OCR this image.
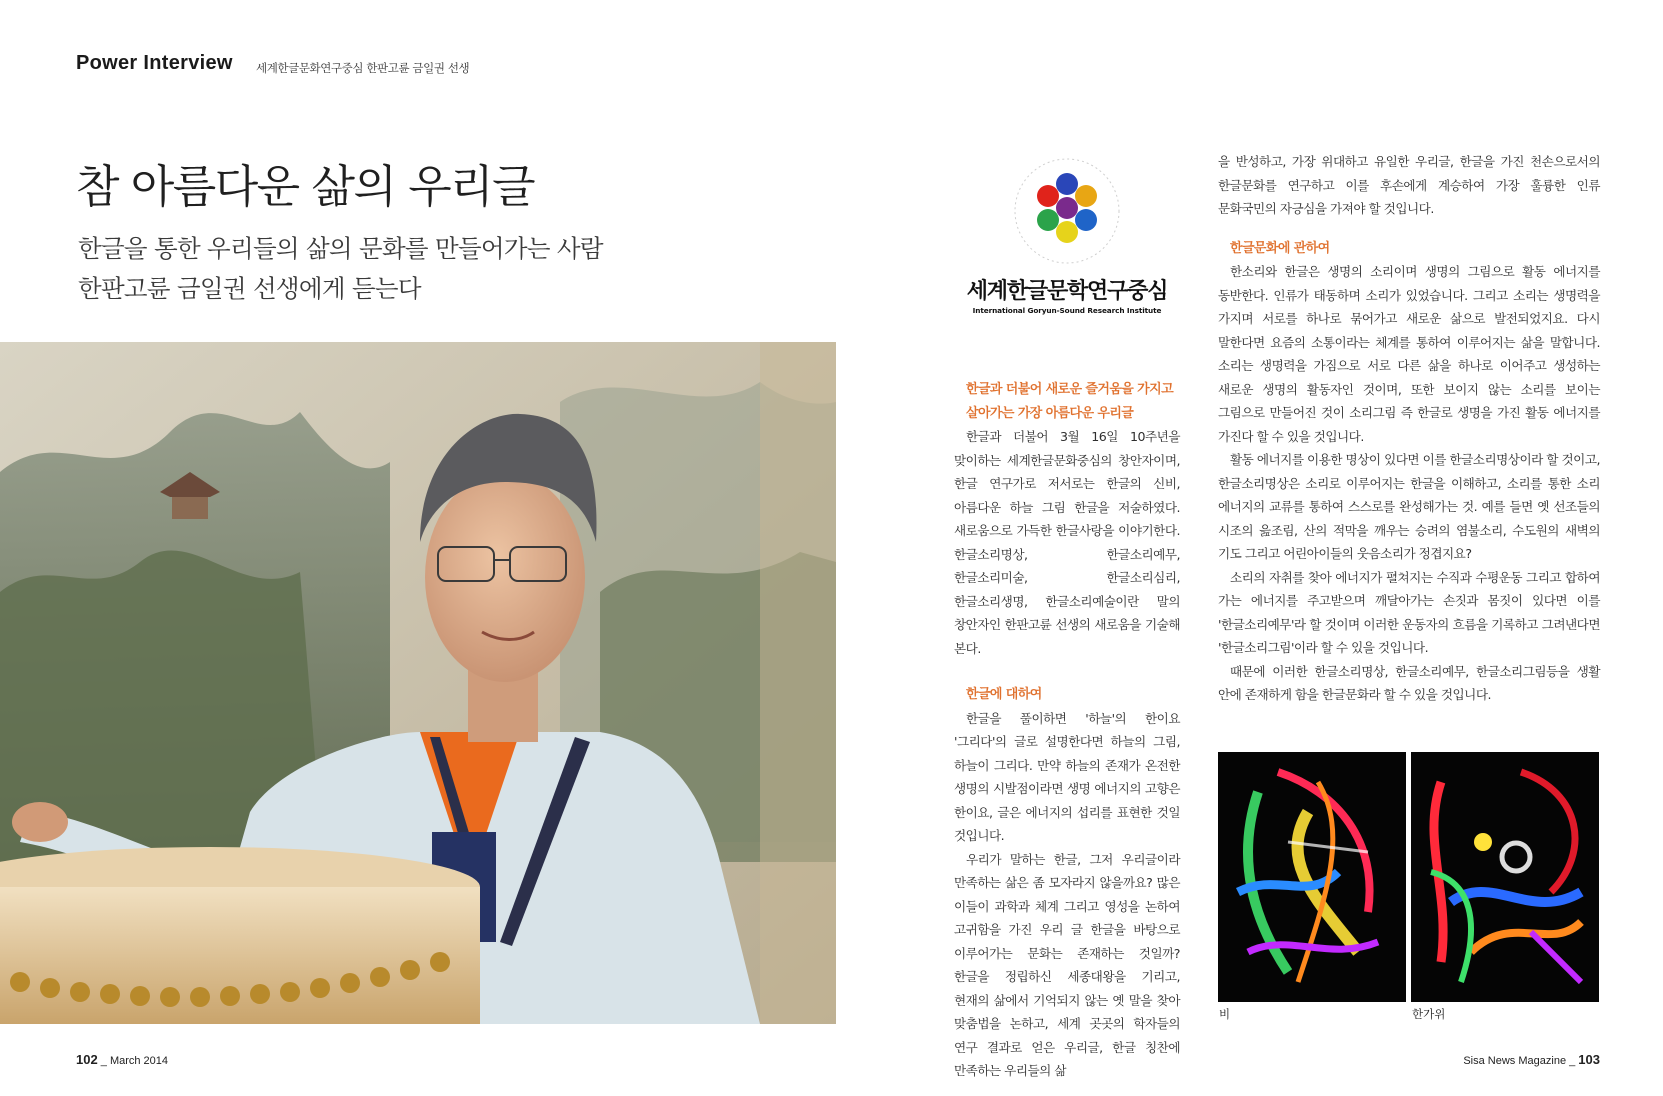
Power Interview 세계한글문화연구중심 한판고륜 금일권 선생
참 아름다운 삶의 우리글
한글을 통한 우리들의 삶의 문화를 만들어가는 사람
한판고륜 금일권 선생에게 듣는다	세계한글문학연구중심
International Goryun-Sound Research Institute

한글과 더불어 새로운 즐거움을 가지고

살아가는 가장 아름다운 우리글

한글과 더불어 3월 16일 10주년을 맞이하는 세계한글문화중심의 창안자이며, 한글 연구가로 저서로는 한글의 신비, 아름다운 하늘 그림 한글을 저술하였다. 새로움으로 가득한 한글사랑을 이야기한다. 한글소리명상, 한글소리예무, 한글소리미술, 한글소리심리, 한글소리생명, 한글소리예술이란 말의 창안자인 한판고륜 선생의 새로움을 기술해 본다.

한글에 대하여

한글을 풀이하면 '하늘'의 한이요 '그리다'의 글로 설명한다면 하늘의 그림, 하늘이 그리다. 만약 하늘의 존재가 온전한 생명의 시발점이라면 생명 에너지의 고향은 한이요, 글은 에너지의 섭리를 표현한 것일 것입니다.

우리가 말하는 한글, 그저 우리글이라 만족하는 삶은 좀 모자라지 않을까요? 많은 이들이 과학과 체계 그리고 영성을 논하여 고귀함을 가진 우리 글 한글을 바탕으로 이루어가는 문화는 존재하는 것일까? 한글을 정립하신 세종대왕을 기리고, 현재의 삶에서 기억되지 않는 옛 말을 찾아 맞춤법을 논하고, 세계 곳곳의 학자들의 연구 결과로 얻은 우리글, 한글 칭찬에 만족하는 우리들의 삶

을 반성하고, 가장 위대하고 유일한 우리글, 한글을 가진 천손으로서의 한글문화를 연구하고 이를 후손에게 계승하여 가장 훌륭한 인류 문화국민의 자긍심을 가져야 할 것입니다.

한글문화에 관하여

한소리와 한글은 생명의 소리이며 생명의 그림으로 활동 에너지를 동반한다. 인류가 태동하며 소리가 있었습니다. 그리고 소리는 생명력을 가지며 서로를 하나로 묶어가고 새로운 삶으로 발전되었지요. 다시 말한다면 요즘의 소통이라는 체계를 통하여 이루어지는 삶을 말합니다. 소리는 생명력을 가짐으로 서로 다른 삶을 하나로 이어주고 생성하는 새로운 생명의 활동자인 것이며, 또한 보이지 않는 소리를 보이는 그림으로 만들어진 것이 소리그림 즉 한글로 생명을 가진 활동 에너지를 가진다 할 수 있을 것입니다.

활동 에너지를 이용한 명상이 있다면 이를 한글소리명상이라 할 것이고, 한글소리명상은 소리로 이루어지는 한글을 이해하고, 소리를 통한 소리 에너지의 교류를 통하여 스스로를 완성해가는 것. 예를 들면 옛 선조들의 시조의 읊조림, 산의 적막을 깨우는 승려의 염불소리, 수도원의 새벽의 기도 그리고 어린아이들의 웃음소리가 정겹지요?

소리의 자취를 찾아 에너지가 펼쳐지는 수직과 수평운동 그리고 합하여 가는 에너지를 주고받으며 깨달아가는 손짓과 몸짓이 있다면 이를 '한글소리예무'라 할 것이며 이러한 운동자의 흐름을 기록하고 그려낸다면 '한글소리그림'이라 할 수 있을 것입니다.

때문에 이러한 한글소리명상, 한글소리예무, 한글소리그림등을 생활 안에 존재하게 함을 한글문화라 할 수 있을 것입니다.

비	한가위
102 _ March 2014	Sisa News Magazine _ 103
